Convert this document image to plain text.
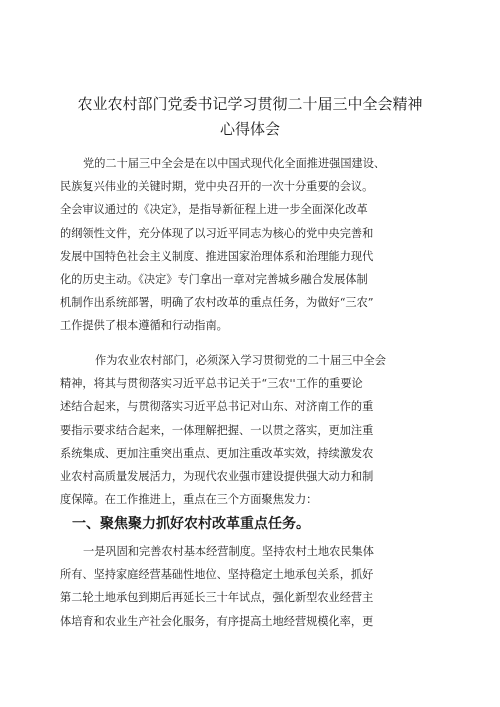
农业农村部门党委书记学习贯彻二十届三中全会精神
心得体会
党的二十届三中全会是在以中国式现代化全面推进强国建设、
民族复兴伟业的关键时期，党中央召开的一次十分重要的会议。
全会审议通过的《决定》，是指导新征程上进一步全面深化改革
的纲领性文件，充分体现了以习近平同志为核心的党中央完善和
发展中国特色社会主义制度、推进国家治理体系和治理能力现代
化的历史主动。《决定》专门拿出一章对完善城乡融合发展体制
机制作出系统部署，明确了农村改革的重点任务，为做好“三农”
工作提供了根本遵循和行动指南。
作为农业农村部门，必须深入学习贯彻党的二十届三中全会
精神，将其与贯彻落实习近平总书记关于“三农''工作的重要论
述结合起来，与贯彻落实习近平总书记对山东、对济南工作的重
要指示要求结合起来，一体理解把握、一以贯之落实，更加注重
系统集成、更加注重突出重点、更加注重改革实效，持续激发农
业农村高质量发展活力，为现代农业强市建设提供强大动力和制
度保障。在工作推进上，重点在三个方面聚焦发力：
一、聚焦聚力抓好农村改革重点任务。
一是巩固和完善农村基本经营制度。坚持农村土地农民集体
所有、坚持家庭经营基础性地位、坚持稳定土地承包关系，抓好
第二轮土地承包到期后再延长三十年试点，强化新型农业经营主
体培育和农业生产社会化服务，有序提高土地经营规模化率，更
